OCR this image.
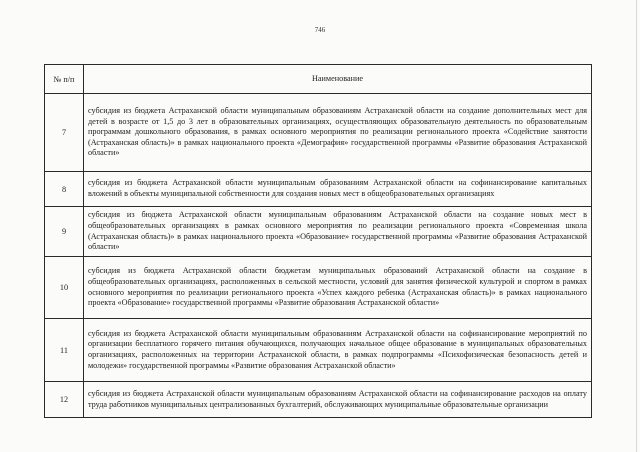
746
№ п/п	Наименование
7	субсидия из бюджета Астраханской области муниципальным образованиям Астраханской области на создание дополнительных мест для детей в возрасте от 1,5 до 3 лет в образовательных организациях, осуществляющих образовательную деятельность по образовательным программам дошкольного образования, в рамках основного мероприятия по реализации регионального проекта «Содействие занятости (Астраханская область)» в рамках национального проекта «Демография» государственной программы «Развитие образования Астраханской области»
8	субсидия из бюджета Астраханской области муниципальным образованиям Астраханской области на софинансирование капитальных вложений в объекты муниципальной собственности для создания новых мест в общеобразовательных организациях
9	субсидия из бюджета Астраханской области муниципальным образованиям Астраханской области на создание новых мест в общеобразовательных организациях в рамках основного мероприятия по реализации регионального проекта «Современная школа (Астраханская область)» в рамках национального проекта «Образование» государственной программы «Развитие образования Астраханской области»
10	субсидия из бюджета Астраханской области бюджетам муниципальных образований Астраханской области на создание в общеобразовательных организациях, расположенных в сельской местности, условий для занятия физической культурой и спортом в рамках основного мероприятия по реализации регионального проекта «Успех каждого ребенка (Астраханская область)» в рамках национального проекта «Образование» государственной программы «Развитие образования Астраханской области»
11	субсидия из бюджета Астраханской области муниципальным образованиям Астраханской области на софинансирование мероприятий по организации бесплатного горячего питания обучающихся, получающих начальное общее образование в муниципальных образовательных организациях, расположенных на территории Астраханской области, в рамках подпрограммы «Психофизическая безопасность детей и молодежи» государственной программы «Развитие образования Астраханской области»
12	субсидия из бюджета Астраханской области муниципальным образованиям Астраханской области на софинансирование расходов на оплату труда работников муниципальных централизованных бухгалтерий, обслуживающих муниципальные образовательные организации
